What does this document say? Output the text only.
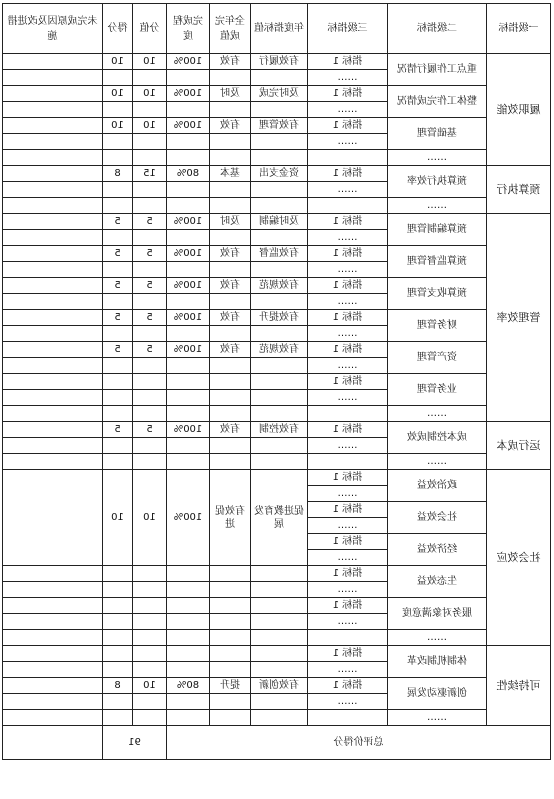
一级指标	二级指标	三级指标	年度指标值	全年完成值	完成程度	分值	得分	未完成原因及改进措施
履职效能	重点工作履行情况	指标 1	有效履行	有效	100%	10	10	
		……						
	整体工作完成情况	指标 1	及时完成	及时	100%	10	10	
		……						
	基础管理	指标 1	有效管理	有效	100%	10	10	
		……						
	……							
预算执行	预算执行效率	指标 1	资金支出	基本	80%	15	8	
		……						
	……							
管理效率	预算编制管理	指标 1	及时编制	及时	100%	5	5	
		……						
	预算监督管理	指标 1	有效监督	有效	100%	5	5	
		……						
	预算收支管理	指标 1	有效规范	有效	100%	5	5	
		……						
	财务管理	指标 1	有效提升	有效	100%	5	5	
		……						
	资产管理	指标 1	有效规范	有效	100%	5	5	
		……						
	业务管理	指标 1						
		……						
	……							
运行成本	成本控制成效	指标 1	有效控制	有效	100%	5	5	
		……						
	……							
社会效应	政治效益	指标 1	促进教育发展	有效促进	100%	10	10	
		……						
	社会效益	指标 1						
		……						
	经济效益	指标 1						
		……						
	生态效益	指标 1						
		……						
	服务对象满意度	指标 1						
		……						
	……							
可持续性	体制机制改革	指标 1						
		……						
	创新驱动发展	指标 1	有效创新	提升	80%	10	8	
		……						
	……							
总评价得分						91		
